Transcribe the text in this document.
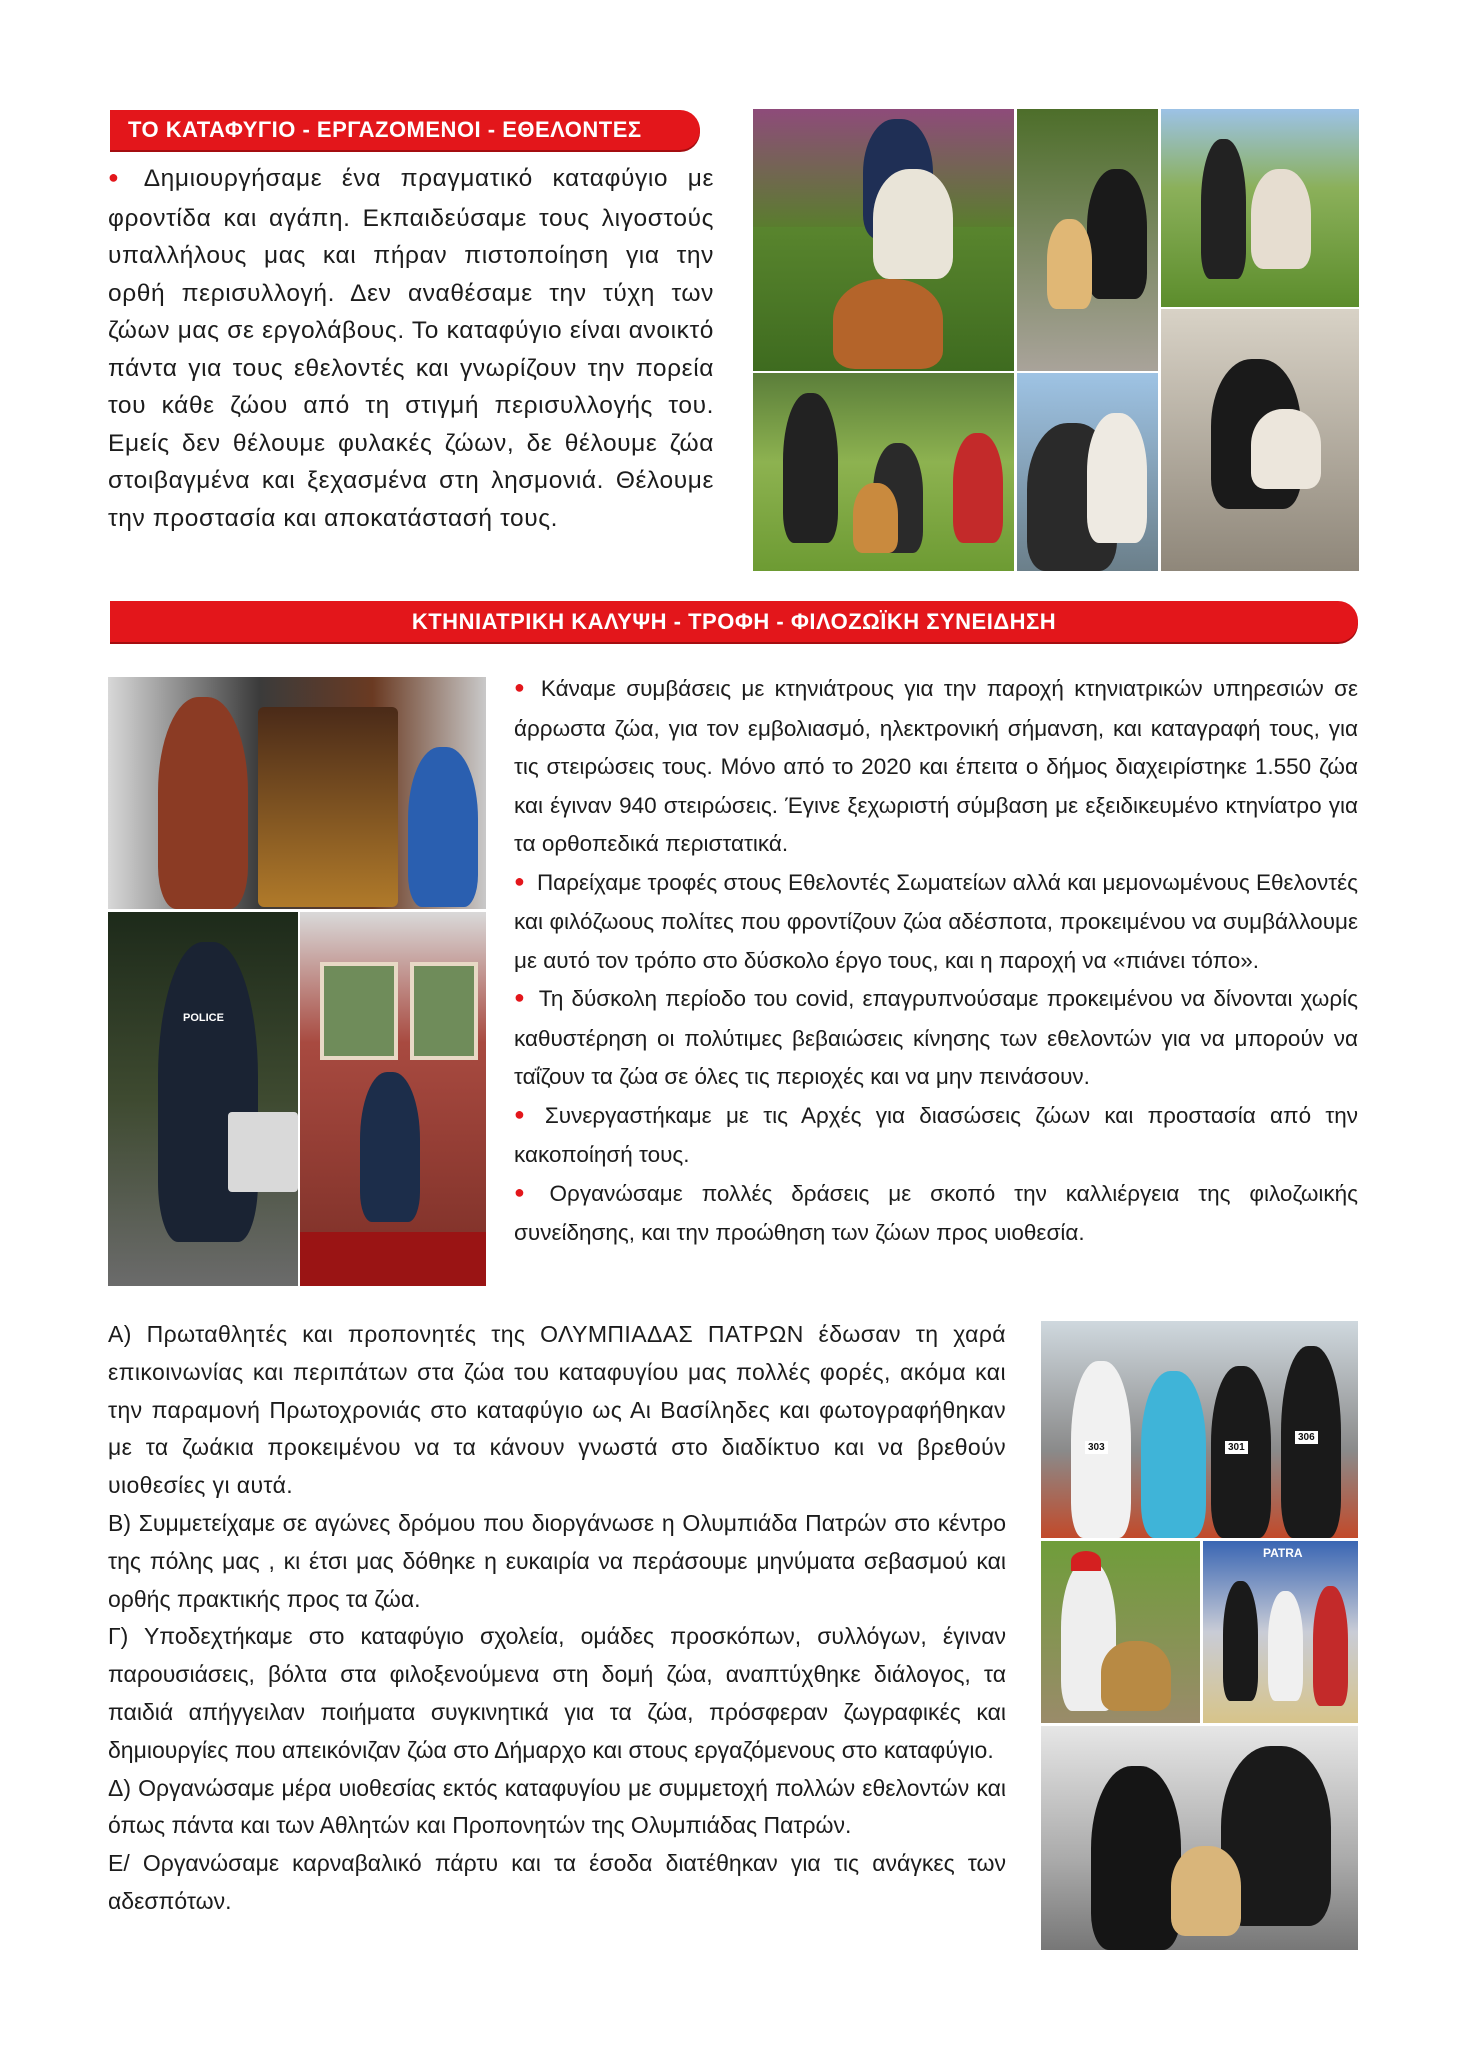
ΤΟ ΚΑΤΑΦΥΓΙΟ - ΕΡΓΑΖΟΜΕΝΟΙ - ΕΘΕΛΟΝΤΕΣ

● Δημιουργήσαμε ένα πραγματικό καταφύγιο με φροντίδα και αγάπη. Εκπαιδεύσαμε τους λιγοστούς υπαλλήλους μας και πήραν πιστοποίηση για την ορθή περισυλλογή. Δεν αναθέσαμε την τύχη των ζώων μας σε εργολάβους. Το καταφύγιο είναι ανοικτό πάντα για τους εθελοντές και γνωρίζουν την πορεία του κάθε ζώου από τη στιγμή περισυλλογής του. Εμείς δεν θέλουμε φυλακές ζώων, δε θέλουμε ζώα στοιβαγμένα και ξεχασμένα στη λησμονιά. Θέλουμε την προστασία και αποκατάστασή τους.

ΚΤΗΝΙΑΤΡΙΚΗ ΚΑΛΥΨΗ - ΤΡΟΦΗ - ΦΙΛΟΖΩΪΚΗ ΣΥΝΕΙΔΗΣΗ
POLICE

● Κάναμε συμβάσεις με κτηνιάτρους για την παροχή κτηνιατρικών υπηρεσιών σε άρρωστα ζώα, για τον εμβολιασμό, ηλεκτρονική σήμανση, και καταγραφή τους, για τις στειρώσεις τους. Μόνο από το 2020 και έπειτα ο δήμος διαχειρίστηκε 1.550 ζώα και έγιναν 940 στειρώσεις. Έγινε ξεχωριστή σύμβαση με εξειδικευμένο κτηνίατρο για τα ορθοπεδικά περιστατικά.

● Παρείχαμε τροφές στους Εθελοντές Σωματείων αλλά και μεμονωμένους Εθελοντές και φιλόζωους πολίτες που φροντίζουν ζώα αδέσποτα, προκειμένου να συμβάλλουμε με αυτό τον τρόπο στο δύσκολο έργο τους, και η παροχή να «πιάνει τόπο».

● Τη δύσκολη περίοδο του covid, επαγρυπνούσαμε προκειμένου να δίνονται χωρίς καθυστέρηση οι πολύτιμες βεβαιώσεις κίνησης των εθελοντών για να μπορούν να ταΐζουν τα ζώα σε όλες τις περιοχές και να μην πεινάσουν.

● Συνεργαστήκαμε με τις Αρχές για διασώσεις ζώων και προστασία από την κακοποίησή τους.

● Οργανώσαμε πολλές δράσεις με σκοπό την καλλιέργεια της φιλοζωικής συνείδησης, και την προώθηση των ζώων προς υιοθεσία.

Α) Πρωταθλητές και προπονητές της ΟΛΥΜΠΙΑΔΑΣ ΠΑΤΡΩΝ έδωσαν τη χαρά επικοινωνίας και περιπάτων στα ζώα του καταφυγίου μας πολλές φορές, ακόμα και την παραμονή Πρωτοχρονιάς στο καταφύγιο ως Αι Βασίληδες και φωτογραφήθηκαν με τα ζωάκια προκειμένου να τα κάνουν γνωστά στο διαδίκτυο και να βρεθούν υιοθεσίες γι αυτά.

Β) Συμμετείχαμε σε αγώνες δρόμου που διοργάνωσε η Ολυμπιάδα Πατρών στο κέντρο της πόλης μας , κι έτσι μας δόθηκε η ευκαιρία να περάσουμε μηνύματα σεβασμού και ορθής πρακτικής προς τα ζώα.

Γ) Υποδεχτήκαμε στο καταφύγιο σχολεία, ομάδες προσκόπων, συλλόγων, έγιναν παρουσιάσεις, βόλτα στα φιλοξενούμενα στη δομή ζώα, αναπτύχθηκε διάλογος, τα παιδιά απήγγειλαν ποιήματα συγκινητικά για τα ζώα, πρόσφεραν ζωγραφικές και δημιουργίες που απεικόνιζαν ζώα στο Δήμαρχο και στους εργαζόμενους στο καταφύγιο.

Δ) Οργανώσαμε μέρα υιοθεσίας εκτός καταφυγίου με συμμετοχή πολλών εθελοντών και όπως πάντα και των Αθλητών και Προπονητών της Ολυμπιάδας Πατρών.

Ε/ Οργανώσαμε καρναβαλικό πάρτυ και τα έσοδα διατέθηκαν για τις ανάγκες των αδεσπότων.

303	301
306
PATRA
